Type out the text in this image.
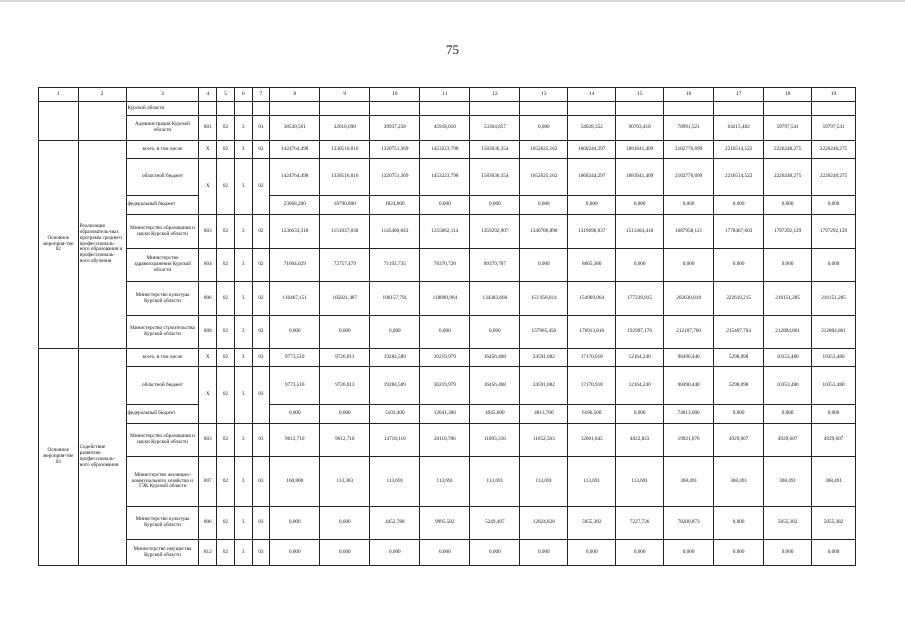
75
1	2	3	4	5	6	7	8	9	10	11	12	13	14	15	16	17	18	19
		Курской области																
		Администрация Курской области	801	02	3	01	38530,561	32010,690	39937,258	45918,010	53364,857	0,000	54028,352	90703,418	78991,521	64215,482	59797,541	59797,541
Основное мероприя-тие 02	Реализация образователь-ных программ среднего профессиональ-ного образования и профессиональ-ного обучения	всего, в том числе	Х	02	3	02	1424764,498	1330516,816	1320751,369	1453223,798	1583036,354	1652625,162	1660244,297	1881641,409	2102776,699	2216514,522	2226248,275	2226248,275
		областной бюджет	Х	02	3	02	1424764,498	1330516,816	1320751,369	1453223,798	1583036,354	1652625,162	1660244,297	1881641,409	2102776,699	2216514,522	2226248,275	2226248,275
		федеральный бюджет					23068,200	18790,800	1824,000	0,000	0,000	0,000	0,000	0,000	0,000	0,000	0,000	0,000
		Министерство образования и науки Курской области	803	02	3	02	1236633,318	1151037,830	1145400,843	1255062,114	1359292,907	1340706,898	1319696,037	1511404,418	1687958,121	1778487,603	1797292,129	1797292,129
		Министерство здравоохранения Курской области	804	02	3	02	71664,029	72757,479	71192,735	78370,720	89379,787	0,000	8665,380	0,000	0,000	0,000	0,000	0,000
		Министерство культуры Курской области	806	02	3	02	116467,151	105821,487	106157,791	118890,964	134383,660	153 958,814	154969,064	177239,815	202630,818	222619,215	216151,285	216151,285
		Министерство строительства Курской области	808	02	3	02	0,000	0,000	0,000	0,000	0,000	157965,450	176913,816	192997,176	212187,760	215407,704	212804,861	212804,861
Основное мероприя-тие 03	Содействие развитию профессиональ-ного образования	всего, в том числе	Х	02	3	03	9773,510	9726,013	19284,589	30219,979	16456,408	24591,082	17170,918	12164,240	98490,440	5298,098	10353,480	10353,480
		областной бюджет	Х	02	3	03	9773,510	9726,013	19284,589	30219,979	16456,408	24591,082	17170,918	12164,240	98490,440	5298,098	10353,480	10353,480
		федеральный бюджет					0,000	0,000	5103,400	12041,300	4945,600	4813,700	6166,500	0,000	74013,000	0,000	0,000	0,000
		Министерство образования и науки Курской области	803	02	3	03	9612,710	9612,710	14718,110	20110,786	11093,310	11652,563	12001,845	4822,823	19921,076	4929,607	4929,607	4929,607
		Министерство жилищно-коммунального хозяйства и ТЭК Курской области	807	02	3	03	160,800	113,303	113,691	113,691	113,691	113,691	113,691	113,691	368,491	368,491	368,491	368,491
		Министерство культуры Курской области	806	02	3	03	0,000	0,000	4452,788	9995,502	5249,407	12824,828	5055,382	7227,726	78200,873	0,000	5055,382	5055,382
		Министерство имущества Курской области	812	02	3	03	0,000	0,000	0,000	0,000	0,000	0,000	0,000	0,000	0,000	0,000	0,000	0,000
